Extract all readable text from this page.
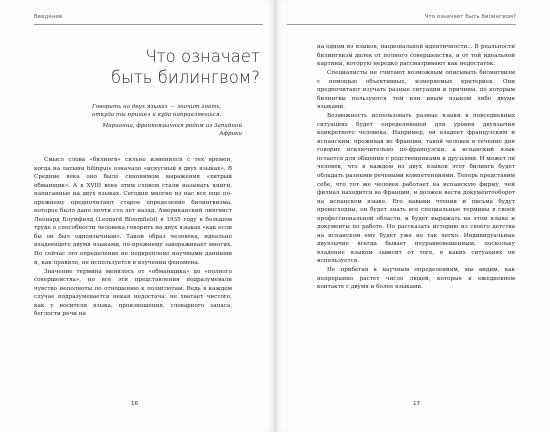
Введение
Что означает
быть билингвом?
Говорить на двух языках — значит знать, откуда ты пришел и куда направляешься.
Марианна, франкоязычная родом из Западной Африки

Смысл слова «билингв» сильно изменился с тех времен, когда на латыни bilinguis означало «искусный в двух языках». В Средние века оно было синонимом выражения «хитрый обманщик». А в XVIII веке этим словом стали называть книги, написанные на двух языках. Сегодня многие из нас все еще по-прежнему предпочитают старое определение билингвизма, которое было дано почти сто лет назад. Американский лингвист Леонард Блумфилд (Leonard Bloomfield) в 1935 году в большом труде о способности человека говорить на двух языках «как если бы он был одноязычным». Такой образ человека, идеально владеющего двумя языками, по-прежнему завораживает многих. Но сейчас это определение не подкреплено научными данными и, как правило, не используется в изучении феномена.

Значение термина менялось от «обманщика» до «полного совершенства», но все эти представления подразумевали чувство неполноты по отношению к полиглотам. Ведь в каждом случае подразумевается некая недостача: не хватает чистого, как у носителя языка, произношения, словарного запаса, беглости речи на

16
Что означает быть билингвом?

на одном из языков, национальной идентичности... В реальности билингвизм далек от полного совершенства, и от той идеальной картины, которую нередко рассматривают как недостаток.

Специалисты не считают возможным описывать билингвизм с помощью объективных, измеряемых критериев. Они предпочитают изучать разные ситуации и причины, по которым билингвы пользуются тем или иным языком либо двумя языками.

Возможность использовать разные языки в повседневных ситуациях будет определяющей для уровня двуязычия конкретного человека. Например, он владеет французским и испанским: проживая во Франции, такой человек в течение дня говорит исключительно по-французски, а испанский язык остается для общения с родственниками и друзьями. И может ли человек, что в каждом из двух языков этот билингв будет обладать разными речевыми компетенциями. Теперь представим себе, что тот же человек работает на испанскую фирму, чей филиал находится во Франции, и должен вести документооборот на испанском языке. Его навыки чтения и письма будут превосходны, он будет знать все специальные термины в своей профессиональной области, и будет выражать на этом языке и документы по работе. Но рассказать историю из своего детства на испанском ему будет уже не так легко. Индивидуальные двуязычие всегда бывает неуравновешенным, поскольку владение языком зависит от того, в каких ситуациях он используется.

Не прибегая к научным определениям, мы видим, как непрерывно растет число людей, которые в ежедневном контакте с двумя и более языками.

17
